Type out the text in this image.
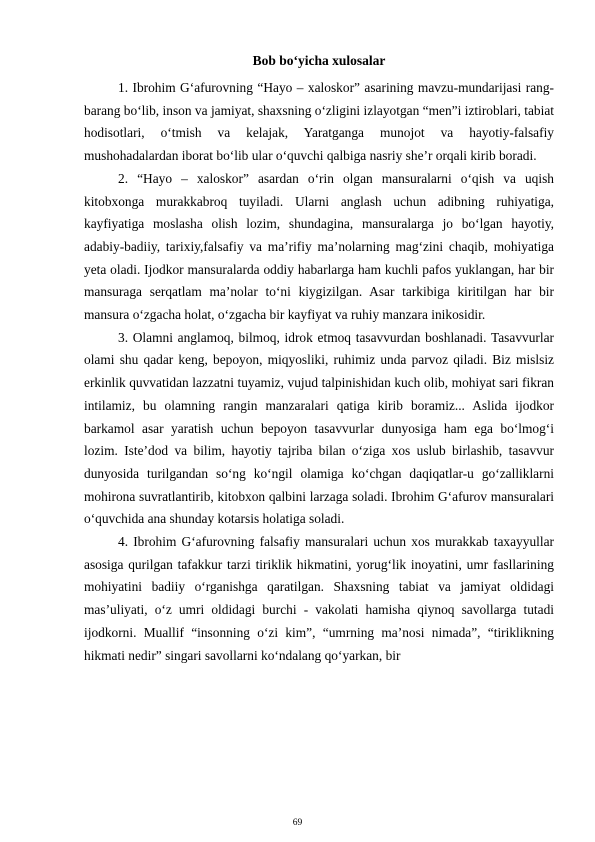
Bob bo‘yicha xulosalar

1. Ibrohim G‘afurovning “Hayo – xaloskor” asarining mavzu-mundarijasi rang-barang bo‘lib, inson va jamiyat, shaxsning o‘zligini izlayotgan “men”i iztiroblari, tabiat hodisotlari, o‘tmish va kelajak, Yaratganga munojot va hayotiy-falsafiy mushohadalardan iborat bo‘lib ular o‘quvchi qalbiga nasriy she’r orqali kirib boradi.

2. “Hayo – xaloskor” asardan o‘rin olgan mansuralarni o‘qish va uqish kitobxonga murakkabroq tuyiladi. Ularni anglash uchun adibning ruhiyatiga, kayfiyatiga moslasha olish lozim, shundagina, mansuralarga jo bo‘lgan hayotiy, adabiy-badiiy, tarixiy,falsafiy va ma’rifiy ma’nolarning mag‘zini chaqib, mohiyatiga yeta oladi. Ijodkor mansuralarda oddiy habarlarga ham kuchli pafos yuklangan, har bir mansuraga serqatlam ma’nolar to‘ni kiygizilgan. Asar tarkibiga kiritilgan har bir mansura o‘zgacha holat, o‘zgacha bir kayfiyat va ruhiy manzara inikosidir.

3. Olamni anglamoq, bilmoq, idrok etmoq tasavvurdan boshlanadi. Tasavvurlar olami shu qadar keng, bepoyon, miqyosliki, ruhimiz unda parvoz qiladi. Biz mislsiz erkinlik quvvatidan lazzatni tuyamiz, vujud talpinishidan kuch olib, mohiyat sari fikran intilamiz, bu olamning rangin manzaralari qatiga kirib boramiz... Aslida ijodkor barkamol asar yaratish uchun bepoyon tasavvurlar dunyosiga ham ega bo‘lmog‘i lozim. Iste’dod va bilim, hayotiy tajriba bilan o‘ziga xos uslub birlashib, tasavvur dunyosida turilgandan so‘ng ko‘ngil olamiga ko‘chgan daqiqatlar-u go‘zalliklarni mohirona suvratlantirib, kitobxon qalbini larzaga soladi. Ibrohim G‘afurov mansuralari o‘quvchida ana shunday kotarsis holatiga soladi.

4. Ibrohim G‘afurovning falsafiy mansuralari uchun xos murakkab taxayyullar asosiga qurilgan tafakkur tarzi tiriklik hikmatini, yorug‘lik inoyatini, umr fasllarining mohiyatini badiiy o‘rganishga qaratilgan. Shaxsning tabiat va jamiyat oldidagi mas’uliyati, o‘z umri oldidagi burchi - vakolati hamisha qiynoq savollarga tutadi ijodkorni. Muallif “insonning o‘zi kim”, “umrning ma’nosi nimada”, “tiriklikning hikmati nedir” singari savollarni ko‘ndalang qo‘yarkan, bir

69
